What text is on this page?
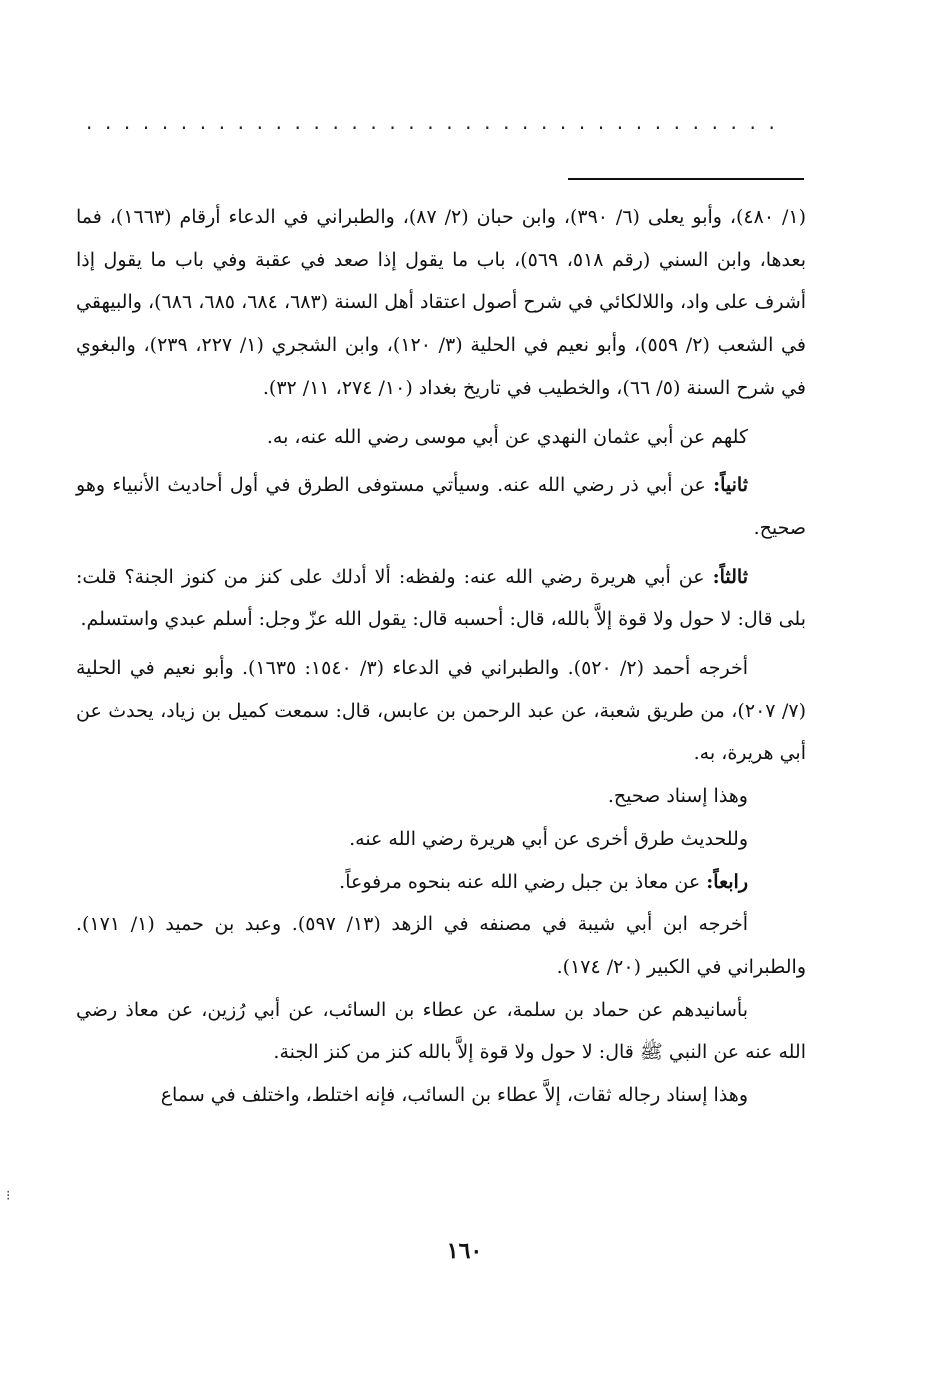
.....................................

(١/ ٤٨٠)، وأبو يعلى (٦/ ٣٩٠)، وابن حبان (٢/ ٨٧)، والطبراني في الدعاء أرقام (١٦٦٣)، فما بعدها، وابن السني (رقم ٥١٨، ٥٦٩)، باب ما يقول إذا صعد في عقبة وفي باب ما يقول إذا أشرف على واد، واللالكائي في شرح أصول اعتقاد أهل السنة (٦٨٣، ٦٨٤، ٦٨٥، ٦٨٦)، والبيهقي في الشعب (٢/ ٥٥٩)، وأبو نعيم في الحلية (٣/ ١٢٠)، وابن الشجري (١/ ٢٢٧، ٢٣٩)، والبغوي في شرح السنة (٥/ ٦٦)، والخطيب في تاريخ بغداد (١٠/ ٢٧٤، ١١/ ٣٢).

كلهم عن أبي عثمان النهدي عن أبي موسى رضي الله عنه، به.

ثانياً: عن أبي ذر رضي الله عنه. وسيأتي مستوفى الطرق في أول أحاديث الأنبياء وهو صحيح.

ثالثاً: عن أبي هريرة رضي الله عنه: ولفظه: ألا أدلك على كنز من كنوز الجنة؟ قلت: بلى قال: لا حول ولا قوة إلاَّ بالله، قال: أحسبه قال: يقول الله عزّ وجل: أسلم عبدي واستسلم.

أخرجه أحمد (٢/ ٥٢٠). والطبراني في الدعاء (٣/ ١٥٤٠: ١٦٣٥). وأبو نعيم في الحلية (٧/ ٢٠٧)، من طريق شعبة، عن عبد الرحمن بن عابس، قال: سمعت كميل بن زياد، يحدث عن أبي هريرة، به.

وهذا إسناد صحيح.

وللحديث طرق أخرى عن أبي هريرة رضي الله عنه.

رابعاً: عن معاذ بن جبل رضي الله عنه بنحوه مرفوعاً.

أخرجه ابن أبي شيبة في مصنفه في الزهد (١٣/ ٥٩٧). وعبد بن حميد (١/ ١٧١). والطبراني في الكبير (٢٠/ ١٧٤).

بأسانيدهم عن حماد بن سلمة، عن عطاء بن السائب، عن أبي رُزين، عن معاذ رضي الله عنه عن النبي ﷺ قال: لا حول ولا قوة إلاَّ بالله كنز من كنز الجنة.

وهذا إسناد رجاله ثقات، إلاَّ عطاء بن السائب، فإنه اختلط، واختلف في سماع

⁝
١٦٠
